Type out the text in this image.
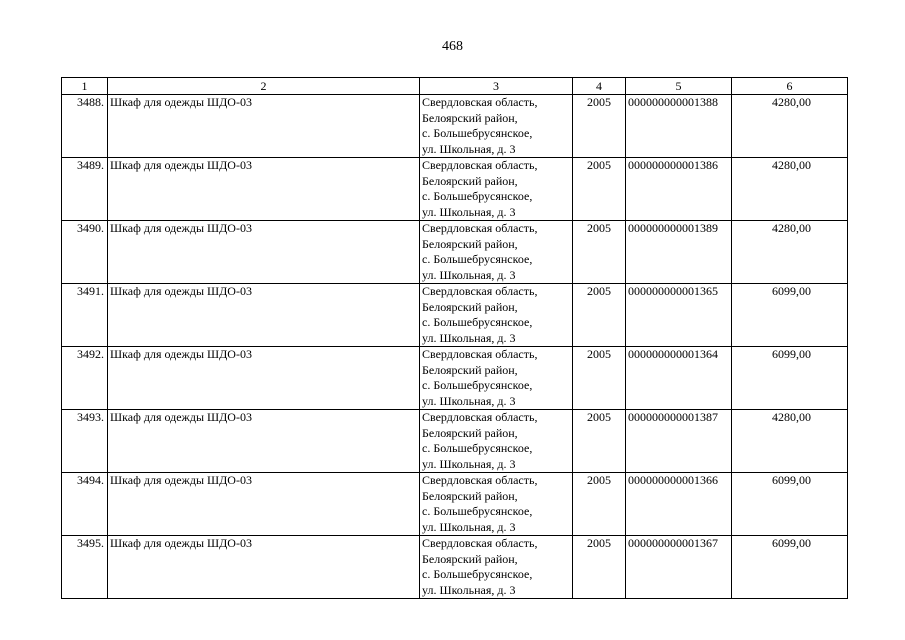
468
1	2	3	4	5	6
3488.	Шкаф для одежды ШДО-03	Свердловская область,
Белоярский район,
с. Большебрусянское,
ул. Школьная, д. 3	2005	000000000001388	4280,00
3489.	Шкаф для одежды ШДО-03	Свердловская область,
Белоярский район,
с. Большебрусянское,
ул. Школьная, д. 3	2005	000000000001386	4280,00
3490.	Шкаф для одежды ШДО-03	Свердловская область,
Белоярский район,
с. Большебрусянское,
ул. Школьная, д. 3	2005	000000000001389	4280,00
3491.	Шкаф для одежды ШДО-03	Свердловская область,
Белоярский район,
с. Большебрусянское,
ул. Школьная, д. 3	2005	000000000001365	6099,00
3492.	Шкаф для одежды ШДО-03	Свердловская область,
Белоярский район,
с. Большебрусянское,
ул. Школьная, д. 3	2005	000000000001364	6099,00
3493.	Шкаф для одежды ШДО-03	Свердловская область,
Белоярский район,
с. Большебрусянское,
ул. Школьная, д. 3	2005	000000000001387	4280,00
3494.	Шкаф для одежды ШДО-03	Свердловская область,
Белоярский район,
с. Большебрусянское,
ул. Школьная, д. 3	2005	000000000001366	6099,00
3495.	Шкаф для одежды ШДО-03	Свердловская область,
Белоярский район,
с. Большебрусянское,
ул. Школьная, д. 3	2005	000000000001367	6099,00
